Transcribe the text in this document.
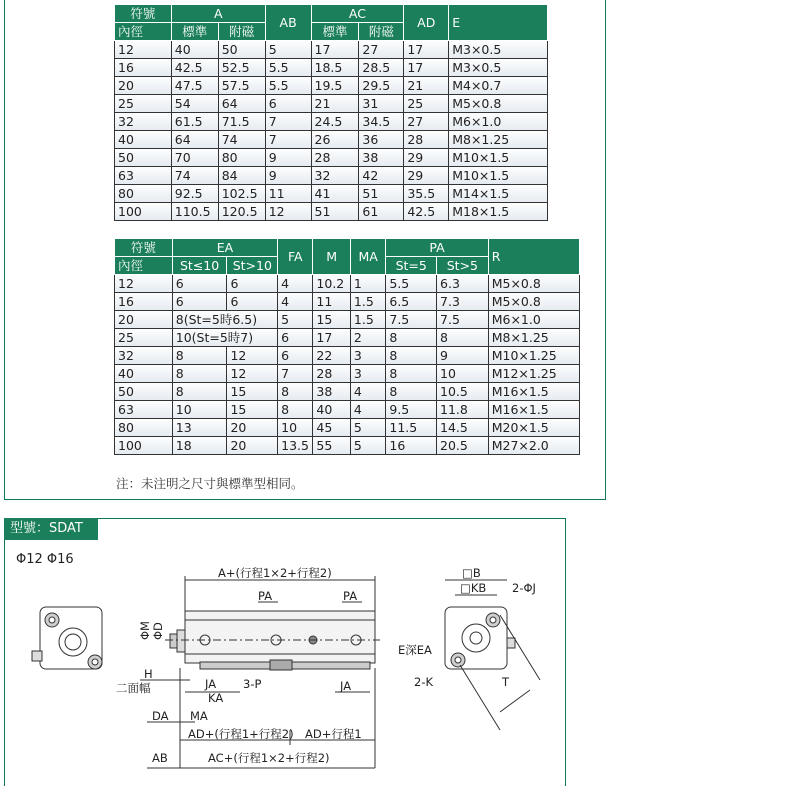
符號	A		AB	AC		AD	E
內徑	標準	附磁		標準	附磁		
12	40	50	5	17	27	17	M3×0.5
16	42.5	52.5	5.5	18.5	28.5	17	M3×0.5
20	47.5	57.5	5.5	19.5	29.5	21	M4×0.7
25	54	64	6	21	31	25	M5×0.8
32	61.5	71.5	7	24.5	34.5	27	M6×1.0
40	64	74	7	26	36	28	M8×1.25
50	70	80	9	28	38	29	M10×1.5
63	74	84	9	32	42	29	M10×1.5
80	92.5	102.5	11	41	51	35.5	M14×1.5
100	110.5	120.5	12	51	61	42.5	M18×1.5
符號	EA		FA	M	MA	PA		R
內徑	St≤10	St>10				St=5	St>5	
12	6	6	4	10.2	1	5.5	6.3	M5×0.8
16	6	6	4	11	1.5	6.5	7.3	M5×0.8
20	8(St=5時6.5)		5	15	1.5	7.5	7.5	M6×1.0
25	10(St=5時7)		6	17	2	8	8	M8×1.25
32	8	12	6	22	3	8	9	M10×1.25
40	8	12	7	28	3	8	10	M12×1.25
50	8	15	8	38	4	8	10.5	M16×1.5
63	10	15	8	40	4	9.5	11.8	M16×1.5
80	13	20	10	45	5	11.5	14.5	M20×1.5
100	18	20	13.5	55	5	16	20.5	M27×2.0
注：未注明之尺寸與標準型相同。
型號：SDAT
Φ12 Φ16
A+(行程1×2+行程2)
PA	PA
ΦM ΦD
H
二面幅	JA 3-P	JA
KA
DA MA
AD+(行程1+行程2) AD+行程1
AB	AC+(行程1×2+行程2)
□B
□KB 2-ΦJ
E深EA
2-K	T
